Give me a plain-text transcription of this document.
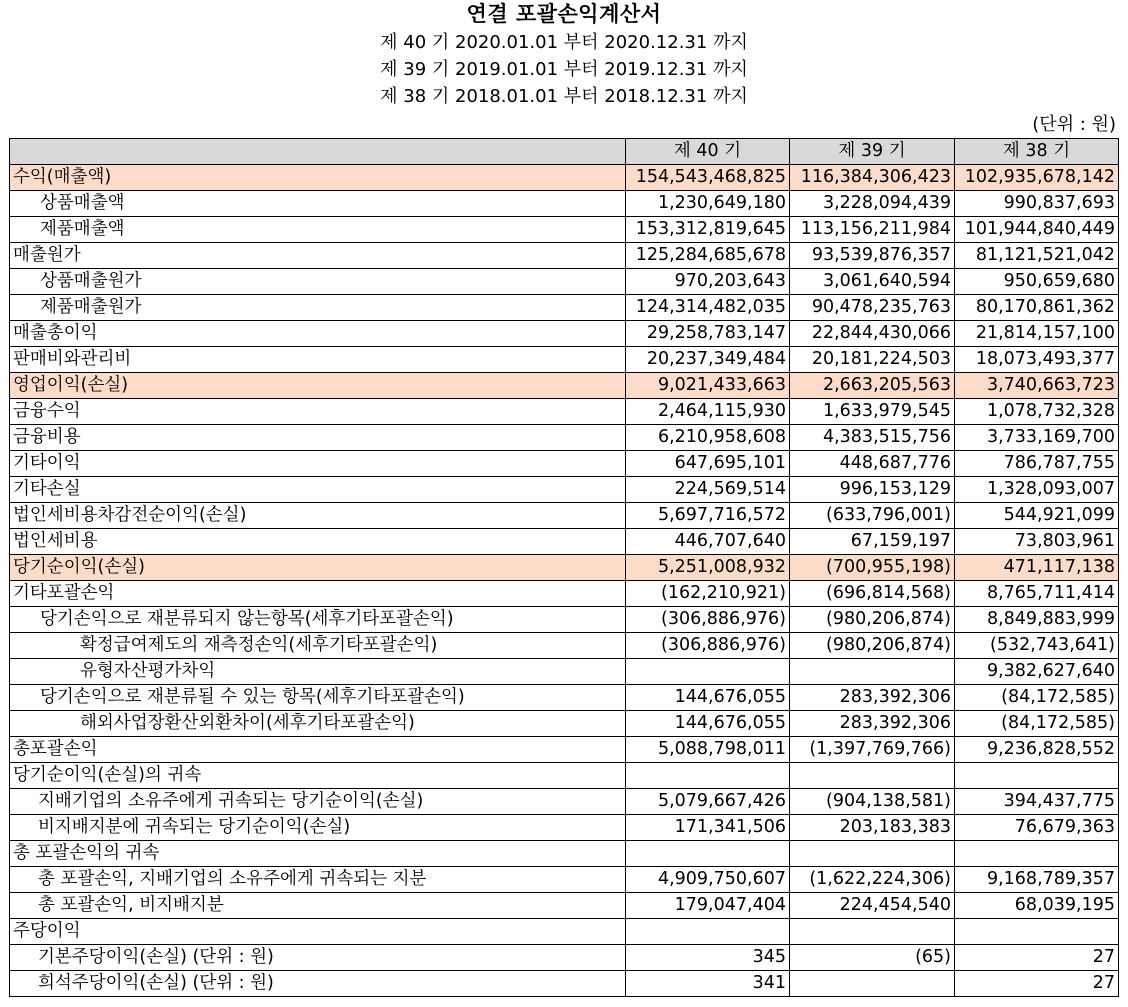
연결 포괄손익계산서
제 40 기 2020.01.01 부터 2020.12.31 까지
제 39 기 2019.01.01 부터 2019.12.31 까지
제 38 기 2018.01.01 부터 2018.12.31 까지
(단위 : 원)
	제 40 기	제 39 기	제 38 기
수익(매출액)	154,543,468,825	116,384,306,423	102,935,678,142
상품매출액	1,230,649,180	3,228,094,439	990,837,693
제품매출액	153,312,819,645	113,156,211,984	101,944,840,449
매출원가	125,284,685,678	93,539,876,357	81,121,521,042
상품매출원가	970,203,643	3,061,640,594	950,659,680
제품매출원가	124,314,482,035	90,478,235,763	80,170,861,362
매출총이익	29,258,783,147	22,844,430,066	21,814,157,100
판매비와관리비	20,237,349,484	20,181,224,503	18,073,493,377
영업이익(손실)	9,021,433,663	2,663,205,563	3,740,663,723
금융수익	2,464,115,930	1,633,979,545	1,078,732,328
금융비용	6,210,958,608	4,383,515,756	3,733,169,700
기타이익	647,695,101	448,687,776	786,787,755
기타손실	224,569,514	996,153,129	1,328,093,007
법인세비용차감전순이익(손실)	5,697,716,572	(633,796,001)	544,921,099
법인세비용	446,707,640	67,159,197	73,803,961
당기순이익(손실)	5,251,008,932	(700,955,198)	471,117,138
기타포괄손익	(162,210,921)	(696,814,568)	8,765,711,414
당기손익으로 재분류되지 않는항목(세후기타포괄손익)	(306,886,976)	(980,206,874)	8,849,883,999
확정급여제도의 재측정손익(세후기타포괄손익)	(306,886,976)	(980,206,874)	(532,743,641)
유형자산평가차익			9,382,627,640
당기손익으로 재분류될 수 있는 항목(세후기타포괄손익)	144,676,055	283,392,306	(84,172,585)
해외사업장환산외환차이(세후기타포괄손익)	144,676,055	283,392,306	(84,172,585)
총포괄손익	5,088,798,011	(1,397,769,766)	9,236,828,552
당기순이익(손실)의 귀속			
지배기업의 소유주에게 귀속되는 당기순이익(손실)	5,079,667,426	(904,138,581)	394,437,775
비지배지분에 귀속되는 당기순이익(손실)	171,341,506	203,183,383	76,679,363
총 포괄손익의 귀속			
총 포괄손익, 지배기업의 소유주에게 귀속되는 지분	4,909,750,607	(1,622,224,306)	9,168,789,357
총 포괄손익, 비지배지분	179,047,404	224,454,540	68,039,195
주당이익			
기본주당이익(손실) (단위 : 원)	345	(65)	27
희석주당이익(손실) (단위 : 원)	341		27
